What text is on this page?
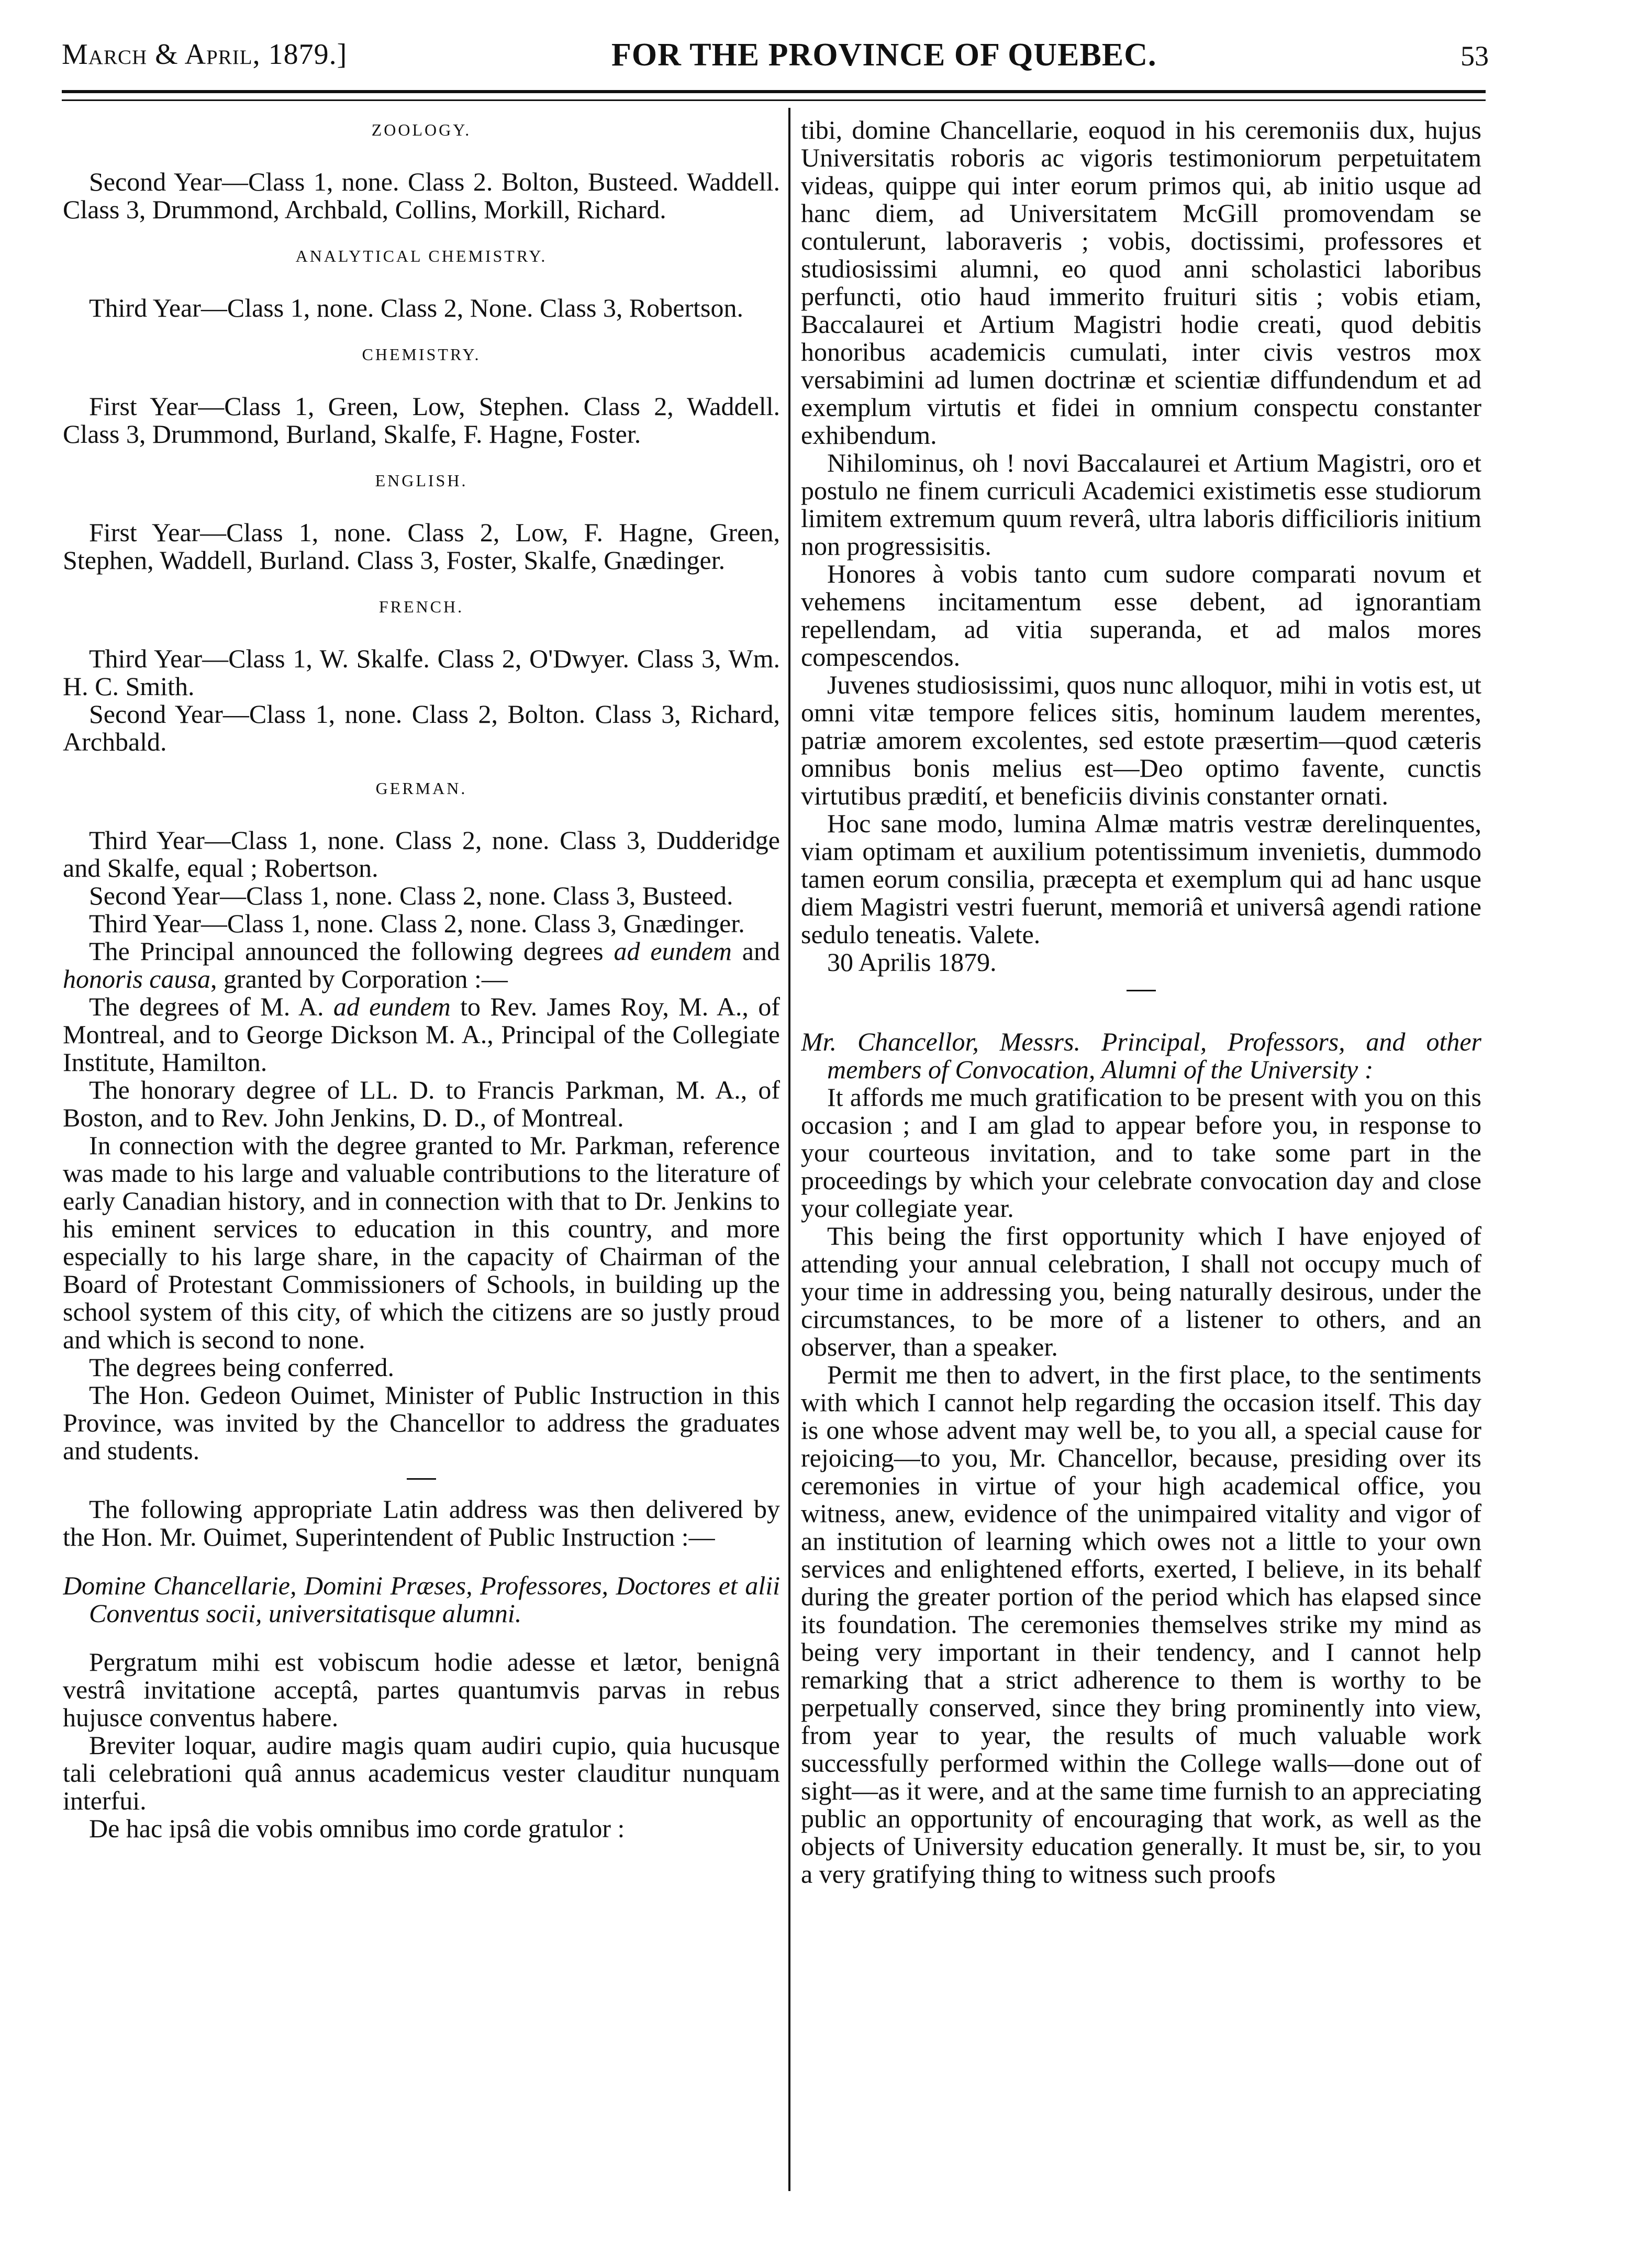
March & April, 1879.]	FOR THE PROVINCE OF QUEBEC.	53
ZOOLOGY.

Second Year—Class 1, none. Class 2. Bolton, Busteed. Waddell. Class 3, Drummond, Archbald, Collins, Morkill, Richard.

ANALYTICAL CHEMISTRY.

Third Year—Class 1, none. Class 2, None. Class 3, Robertson.

CHEMISTRY.

First Year—Class 1, Green, Low, Stephen. Class 2, Waddell. Class 3, Drummond, Burland, Skalfe, F. Hagne, Foster.

ENGLISH.

First Year—Class 1, none. Class 2, Low, F. Hagne, Green, Stephen, Waddell, Burland. Class 3, Foster, Skalfe, Gnædinger.

FRENCH.

Third Year—Class 1, W. Skalfe. Class 2, O'Dwyer. Class 3, Wm. H. C. Smith.

Second Year—Class 1, none. Class 2, Bolton. Class 3, Richard, Archbald.

GERMAN.

Third Year—Class 1, none. Class 2, none. Class 3, Dudderidge and Skalfe, equal ; Robertson.

Second Year—Class 1, none. Class 2, none. Class 3, Busteed.

Third Year—Class 1, none. Class 2, none. Class 3, Gnædinger.

The Principal announced the following degrees ad eundem and honoris causa, granted by Corporation :—

The degrees of M. A. ad eundem to Rev. James Roy, M. A., of Montreal, and to George Dickson M. A., Principal of the Collegiate Institute, Hamilton.

The honorary degree of LL. D. to Francis Parkman, M. A., of Boston, and to Rev. John Jenkins, D. D., of Montreal.

In connection with the degree granted to Mr. Parkman, reference was made to his large and valuable contributions to the literature of early Canadian history, and in connection with that to Dr. Jenkins to his eminent services to education in this country, and more especially to his large share, in the capacity of Chairman of the Board of Protestant Commissioners of Schools, in building up the school system of this city, of which the citizens are so justly proud and which is second to none.

The degrees being conferred.

The Hon. Gedeon Ouimet, Minister of Public Instruction in this Province, was invited by the Chancellor to address the graduates and students.

The following appropriate Latin address was then delivered by the Hon. Mr. Ouimet, Superintendent of Public Instruction :—

Domine Chancellarie, Domini Præses, Professores, Doctores et alii Conventus socii, universitatisque alumni.

Pergratum mihi est vobiscum hodie adesse et lætor, benignâ vestrâ invitatione acceptâ, partes quantumvis parvas in rebus hujusce conventus habere.

Breviter loquar, audire magis quam audiri cupio, quia hucusque tali celebrationi quâ annus academicus vester clauditur nunquam interfui.

De hac ipsâ die vobis omnibus imo corde gratulor :

tibi, domine Chancellarie, eoquod in his ceremoniis dux, hujus Universitatis roboris ac vigoris testimoniorum perpetuitatem videas, quippe qui inter eorum primos qui, ab initio usque ad hanc diem, ad Universitatem McGill promovendam se contulerunt, laboraveris ; vobis, doctissimi, professores et studiosissimi alumni, eo quod anni scholastici laboribus perfuncti, otio haud immerito fruituri sitis ; vobis etiam, Baccalaurei et Artium Magistri hodie creati, quod debitis honoribus academicis cumulati, inter civis vestros mox versabimini ad lumen doctrinæ et scientiæ diffundendum et ad exemplum virtutis et fidei in omnium conspectu constanter exhibendum.

Nihilominus, oh ! novi Baccalaurei et Artium Magistri, oro et postulo ne finem curriculi Academici existimetis esse studiorum limitem extremum quum reverâ, ultra laboris difficilioris initium non progressisitis.

Honores à vobis tanto cum sudore comparati novum et vehemens incitamentum esse debent, ad ignorantiam repellendam, ad vitia superanda, et ad malos mores compescendos.

Juvenes studiosissimi, quos nunc alloquor, mihi in votis est, ut omni vitæ tempore felices sitis, hominum laudem merentes, patriæ amorem excolentes, sed estote præsertim—quod cæteris omnibus bonis melius est—Deo optimo favente, cunctis virtutibus prædití, et beneficiis divinis constanter ornati.

Hoc sane modo, lumina Almæ matris vestræ derelinquentes, viam optimam et auxilium potentissimum invenietis, dummodo tamen eorum consilia, præcepta et exemplum qui ad hanc usque diem Magistri vestri fuerunt, memoriâ et universâ agendi ratione sedulo teneatis. Valete.

30 Aprilis 1879.

Mr. Chancellor, Messrs. Principal, Professors, and other members of Convocation, Alumni of the University :

It affords me much gratification to be present with you on this occasion ; and I am glad to appear before you, in response to your courteous invitation, and to take some part in the proceedings by which your celebrate convocation day and close your collegiate year.

This being the first opportunity which I have enjoyed of attending your annual celebration, I shall not occupy much of your time in addressing you, being naturally desirous, under the circumstances, to be more of a listener to others, and an observer, than a speaker.

Permit me then to advert, in the first place, to the sentiments with which I cannot help regarding the occasion itself. This day is one whose advent may well be, to you all, a special cause for rejoicing—to you, Mr. Chancellor, because, presiding over its ceremonies in virtue of your high academical office, you witness, anew, evidence of the unimpaired vitality and vigor of an institution of learning which owes not a little to your own services and enlightened efforts, exerted, I believe, in its behalf during the greater portion of the period which has elapsed since its foundation. The ceremonies themselves strike my mind as being very important in their tendency, and I cannot help remarking that a strict adherence to them is worthy to be perpetually conserved, since they bring prominently into view, from year to year, the results of much valuable work successfully performed within the College walls—done out of sight—as it were, and at the same time furnish to an appreciating public an opportunity of encouraging that work, as well as the objects of University education generally. It must be, sir, to you a very gratifying thing to witness such proofs
